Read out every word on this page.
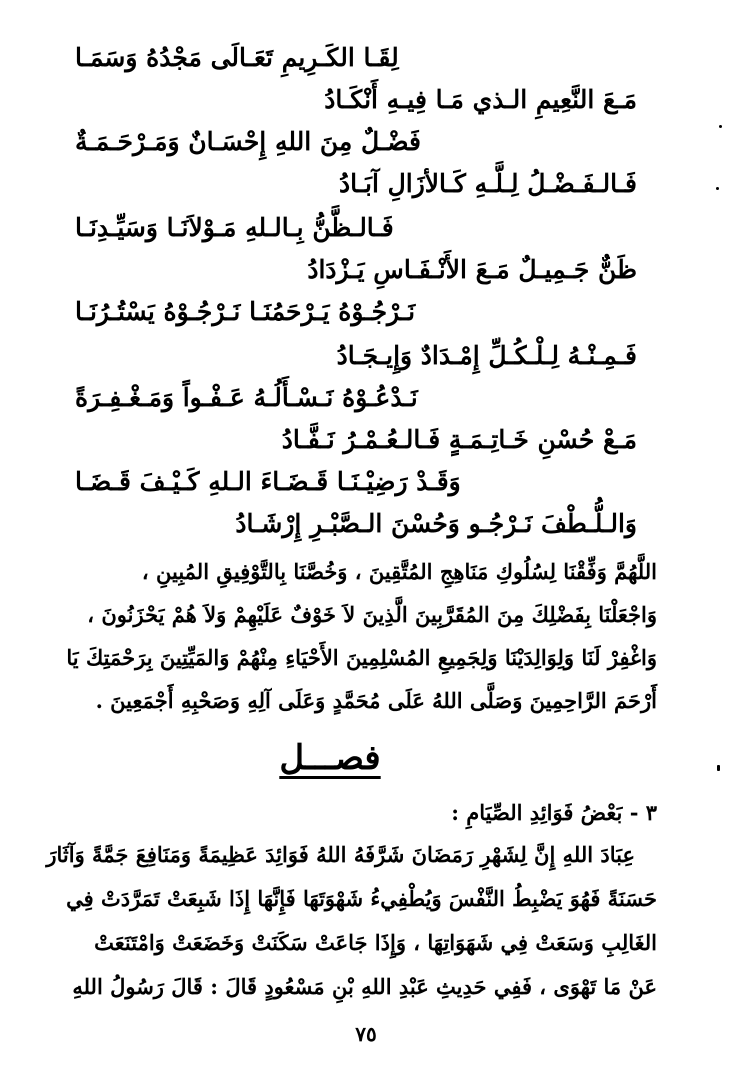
لِقَـا الكَـرِيمِ تَعَـالَى مَجْدُهُ وَسَمَـا
مَـعَ النَّعِيمِ الـذي مَـا فِيـهِ أَنْكَـادُ
فَضْـلٌ مِنَ اللهِ إِحْسَـانٌ وَمَـرْحَـمَـةٌ
فَـالـفَـضْـلُ لِـلَّـهِ كَـالأزَالِ آبَـادُ
فَـالـظَّنُّ بِـالـلهِ مَـوْلاَنَـا وَسَيِّـدِنَـا
ظَنٌّ جَـمِيـلٌ مَـعَ الأَنْـفَـاسِ يَـزْدَادُ
نَـرْجُـوْهُ يَـرْحَمُنَـا نَـرْجُـوْهُ يَسْتُـرُنَـا
فَـمِـنْـهُ لِـلْـكُـلِّ إِمْـدَادٌ وَإِيـجَـادُ
نَـدْعُـوْهُ نَـسْـأَلُـهُ عَـفْـواً وَمَـغْـفِـرَةً
مَـعْ حُسْنِ خَـاتِـمَـةٍ فَـالـعُـمْـرُ نَـفَّـادُ
وَقَـدْ رَضِيْـنَـا قَـضَـاءَ الـلهِ كَـيْـفَ قَـضَـا
وَالـلُّـطْفَ نَـرْجُـو وَحُسْنَ الـصَّبْـرِ إِرْشَـادُ

اللَّهُمَّ وَفِّقْنَا لِسُلُوكِ مَنَاهِجِ المُتَّقِينَ ، وَخُصَّنَا بِالتَّوْفِيقِ المُبِينِ ،

وَاجْعَلْنَا بِفَضْلِكَ مِنَ المُقَرَّبِينَ الَّذِينَ لاَ خَوْفٌ عَلَيْهِمْ وَلاَ هُمْ يَحْزَنُونَ ،

وَاغْفِرْ لَنَا وَلِوَالِدَيْنَا وَلِجَمِيعِ المُسْلِمِينَ الأَحْيَاءِ مِنْهُمْ وَالمَيِّتِينَ بِرَحْمَتِكَ يَا

أَرْحَمَ الرَّاحِمِينَ وَصَلَّى اللهُ عَلَى مُحَمَّدٍ وَعَلَى آلِهِ وَصَحْبِهِ أَجْمَعِينَ .

فصـــل
٣ - بَعْضُ فَوَائِدِ الصِّيَامِ :

عِبَادَ اللهِ إِنَّ لِشَهْرِ رَمَضَانَ شَرَّفَهُ اللهُ فَوَائِدَ عَظِيمَةً وَمَنَافِعَ جَمَّةً وَآثَارَ

حَسَنَةً فَهُوَ يَضْبِطُ النَّفْسَ وَيُطْفِيءُ شَهْوَتَهَا فَإِنَّهَا إِذَا شَبِعَتْ تَمَرَّدَتْ فِي

الغَالِبِ وَسَعَتْ فِي شَهَوَاتِهَا ، وَإِذَا جَاعَتْ سَكَنَتْ وَخَضَعَتْ وَامْتَنَعَتْ

عَنْ مَا تَهْوَى ، فَفِي حَدِيثِ عَبْدِ اللهِ بْنِ مَسْعُودٍ قَالَ : قَالَ رَسُولُ اللهِ

٧٥
